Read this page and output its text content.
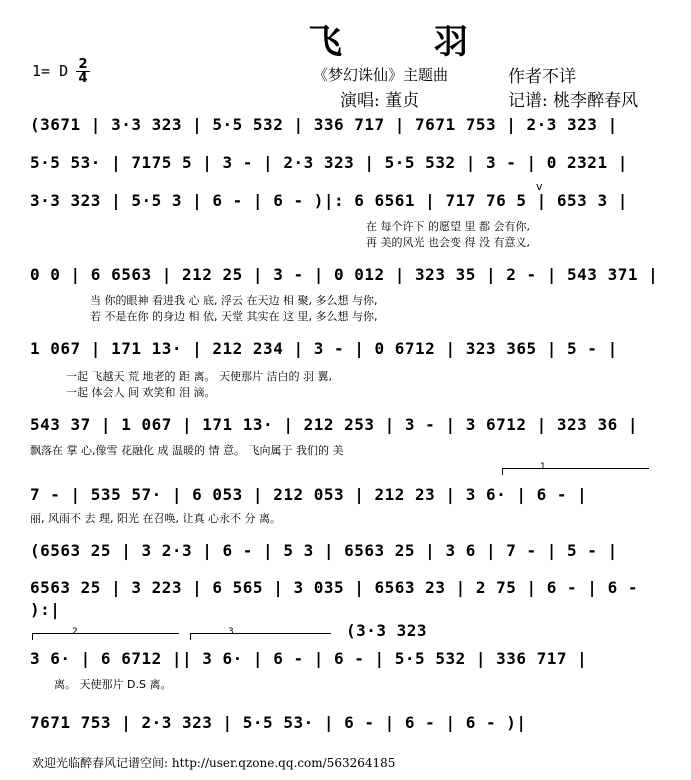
飞 羽
1= D $\frac{2}{4}$	《梦幻诛仙》主题曲	作者不详
演唱: 董贞	记谱: 桃李醉春风
(3671 | 3·3 323 | 5·5 532 | 336 717 | 7671 753 | 2·3 323 |
5·5 53· | 7175 5 | 3 - | 2·3 323 | 5·5 532 | 3 - | 0 2321 |
3·3 323 | 5·5 3 | 6 - | 6 - )|: 6 6561 | 717 76 5 | 653 3 |
在 每个许下 的愿望 里 都 会有你,
再 美的风光 也会变 得 没 有意义,
v
0 0 | 6 6563 | 212 25 | 3 - | 0 012 | 323 35 | 2 - | 543 371 |
当 你的眼神 看进我 心 底, 浮云 在天边 相 聚, 多么想 与你,
若 不是在你 的身边 相 依, 天堂 其实在 这 里, 多么想 与你,
1 067 | 171 13· | 212 234 | 3 - | 0 6712 | 323 365 | 5 - |
一起 飞越天 荒 地老的 距 离。 天使那片 洁白的 羽 翼,
一起 体会人 间 欢笑和 泪 滴。
543 37 | 1 067 | 171 13· | 212 253 | 3 - | 3 6712 | 323 36 |
飘落在 掌 心,像雪 花融化 成 温暖的 情 意。 飞向属于 我们的 美
1
7 - | 535 57· | 6 053 | 212 053 | 212 23 | 3 6· | 6 - |
丽, 风雨不 去 理, 阳光 在召唤, 让真 心永不 分 离。
(6563 25 | 3 2·3 | 6 - | 5 3 | 6563 25 | 3 6 | 7 - | 5 - |
6563 25 | 3 223 | 6 565 | 3 035 | 6563 23 | 2 75 | 6 - | 6 - ):|
2	3	(3·3 323
3 6· | 6 6712 || 3 6· | 6 - | 6 - | 5·5 532 | 336 717 |
离。 天使那片 D.S 离。
7671 753 | 2·3 323 | 5·5 53· | 6 - | 6 - | 6 - )|
欢迎光临醉春风记谱空间: http://user.qzone.qq.com/563264185
